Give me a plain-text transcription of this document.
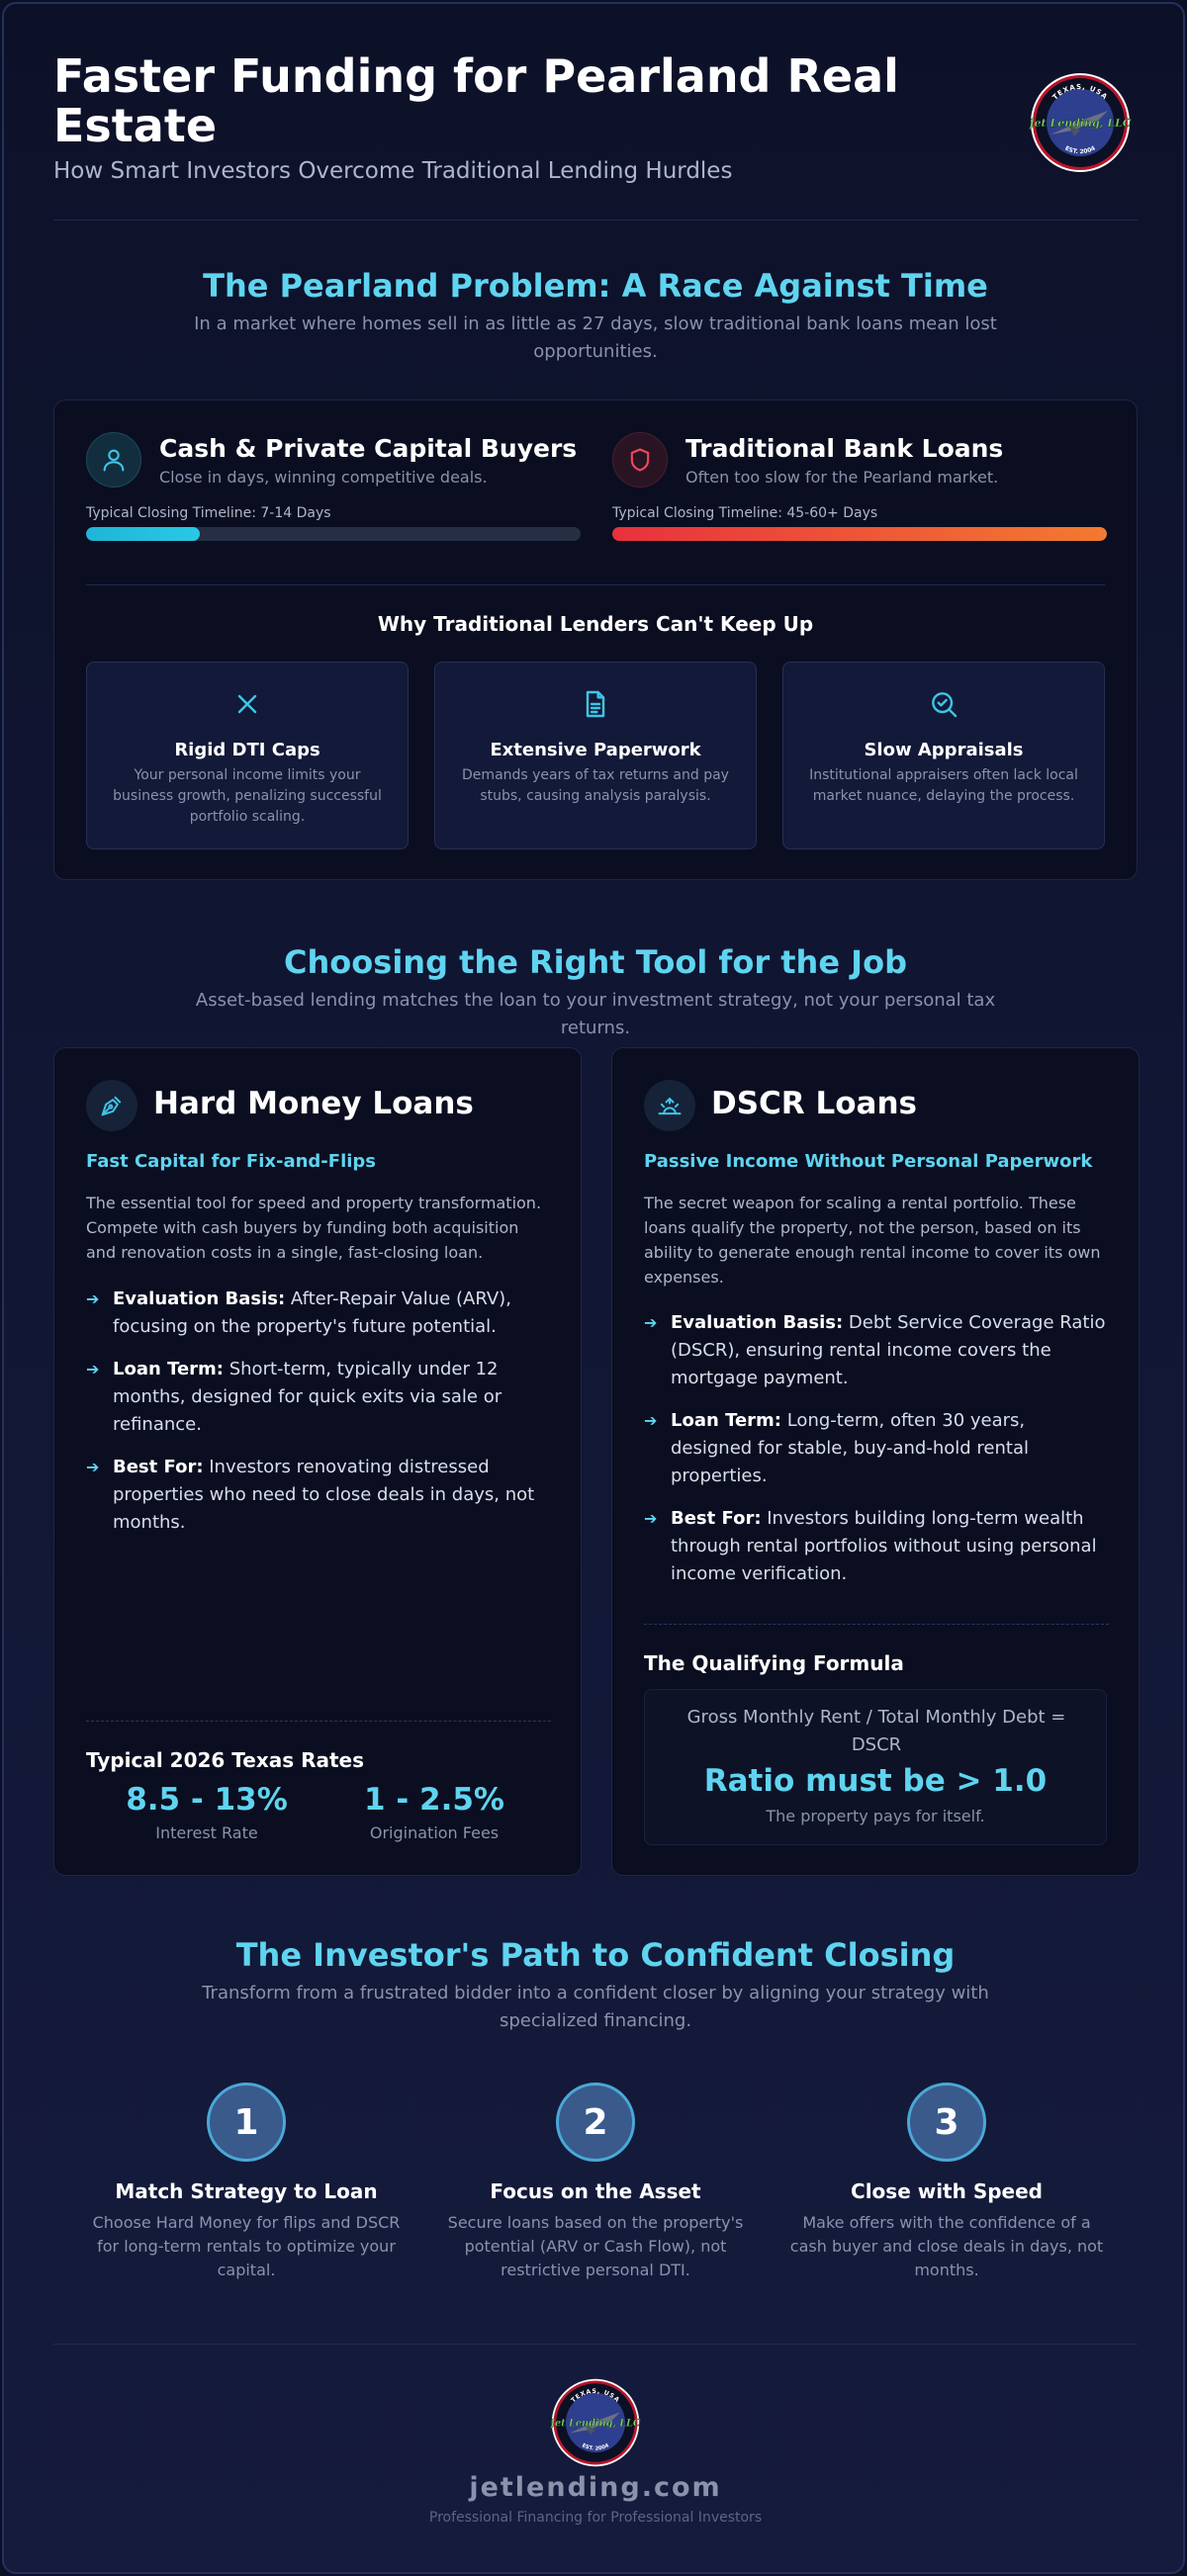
Faster Funding for Pearland Real Estate
How Smart Investors Overcome Traditional Lending Hurdles
TEXAS, USA
EST. 2004
Jet Lending, LLC
The Pearland Problem: A Race Against Time
In a market where homes sell in as little as 27 days, slow traditional bank loans mean lost opportunities.
Cash & Private Capital Buyers
Close in days, winning competitive deals.
Typical Closing Timeline: 7-14 Days
Traditional Bank Loans
Often too slow for the Pearland market.
Typical Closing Timeline: 45-60+ Days
Why Traditional Lenders Can't Keep Up
Rigid DTI Caps

Your personal income limits your business growth, penalizing successful portfolio scaling.

Extensive Paperwork

Demands years of tax returns and pay stubs, causing analysis paralysis.

Slow Appraisals

Institutional appraisers often lack local market nuance, delaying the process.

Choosing the Right Tool for the Job
Asset-based lending matches the loan to your investment strategy, not your personal tax returns.
Hard Money Loans
Fast Capital for Fix-and-Flips
The essential tool for speed and property transformation. Compete with cash buyers by funding both acquisition and renovation costs in a single, fast-closing loan.
➔ Evaluation Basis: After-Repair Value (ARV), focusing on the property's future potential.
➔ Loan Term: Short-term, typically under 12 months, designed for quick exits via sale or refinance.
➔ Best For: Investors renovating distressed properties who need to close deals in days, not months.
Typical 2026 Texas Rates
8.5 - 13%
Interest Rate
1 - 2.5%
Origination Fees
DSCR Loans
Passive Income Without Personal Paperwork
The secret weapon for scaling a rental portfolio. These loans qualify the property, not the person, based on its ability to generate enough rental income to cover its own expenses.
➔ Evaluation Basis: Debt Service Coverage Ratio (DSCR), ensuring rental income covers the mortgage payment.
➔ Loan Term: Long-term, often 30 years, designed for stable, buy-and-hold rental properties.
➔ Best For: Investors building long-term wealth through rental portfolios without using personal income verification.
The Qualifying Formula
Gross Monthly Rent / Total Monthly Debt = DSCR
Ratio must be > 1.0
The property pays for itself.
The Investor's Path to Confident Closing
Transform from a frustrated bidder into a confident closer by aligning your strategy with specialized financing.
1
Match Strategy to Loan

Choose Hard Money for flips and DSCR for long-term rentals to optimize your capital.

2
Focus on the Asset

Secure loans based on the property's potential (ARV or Cash Flow), not restrictive personal DTI.

3
Close with Speed

Make offers with the confidence of a cash buyer and close deals in days, not months.

TEXAS, USA
EST. 2004
Jet Lending, LLC
jetlending.com
Professional Financing for Professional Investors
